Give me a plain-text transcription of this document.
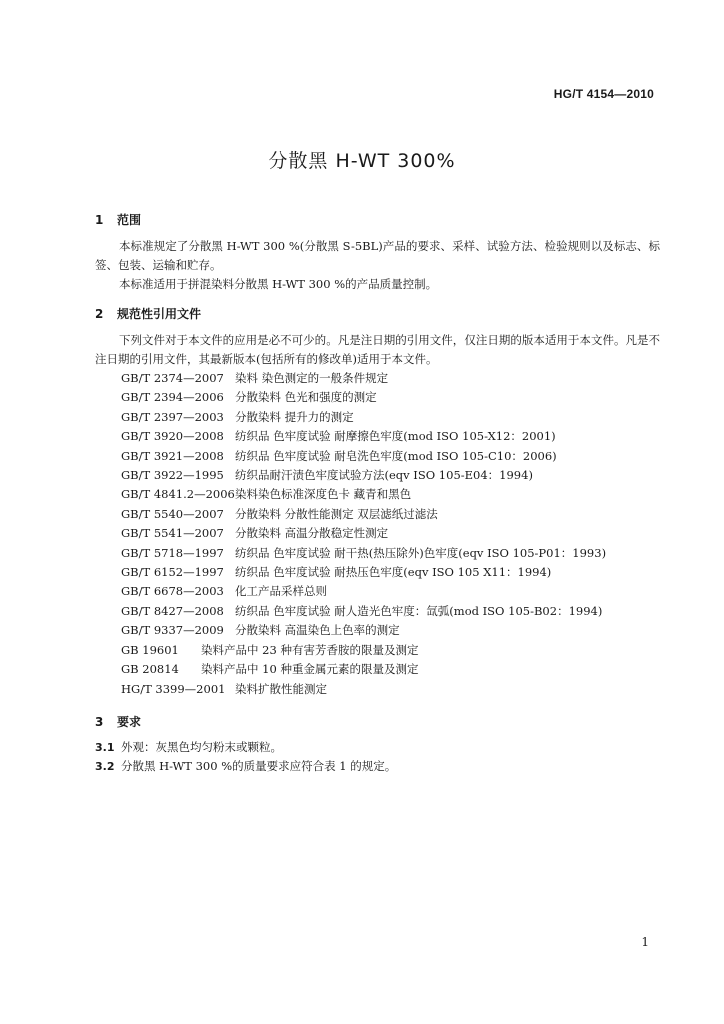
HG/T 4154—2010
分散黑 H-WT 300%
1 范围
本标准规定了分散黑 H-WT 300 %(分散黑 S-5BL)产品的要求、采样、试验方法、检验规则以及标志、标签、包装、运输和贮存。
本标准适用于拼混染料分散黑 H-WT 300 %的产品质量控制。
2 规范性引用文件
下列文件对于本文件的应用是必不可少的。凡是注日期的引用文件，仅注日期的版本适用于本文件。凡是不注日期的引用文件，其最新版本(包括所有的修改单)适用于本文件。
GB/T 2374—2007 染料 染色测定的一般条件规定
GB/T 2394—2006 分散染料 色光和强度的测定
GB/T 2397—2003 分散染料 提升力的测定
GB/T 3920—2008 纺织品 色牢度试验 耐摩擦色牢度(mod ISO 105-X12：2001)
GB/T 3921—2008 纺织品 色牢度试验 耐皂洗色牢度(mod ISO 105-C10：2006)
GB/T 3922—1995 纺织品耐汗渍色牢度试验方法(eqv ISO 105-E04：1994)
GB/T 4841.2—2006染料染色标准深度色卡 藏青和黑色
GB/T 5540—2007 分散染料 分散性能测定 双层滤纸过滤法
GB/T 5541—2007 分散染料 高温分散稳定性测定
GB/T 5718—1997 纺织品 色牢度试验 耐干热(热压除外)色牢度(eqv ISO 105-P01：1993)
GB/T 6152—1997 纺织品 色牢度试验 耐热压色牢度(eqv ISO 105 X11：1994)
GB/T 6678—2003 化工产品采样总则
GB/T 8427—2008 纺织品 色牢度试验 耐人造光色牢度：氙弧(mod ISO 105-B02：1994)
GB/T 9337—2009 分散染料 高温染色上色率的测定
GB 19601 染料产品中 23 种有害芳香胺的限量及测定
GB 20814 染料产品中 10 种重金属元素的限量及测定
HG/T 3399—2001 染料扩散性能测定
3 要求
3.1 外观：灰黑色均匀粉末或颗粒。
3.2 分散黑 H-WT 300 %的质量要求应符合表 1 的规定。
1
